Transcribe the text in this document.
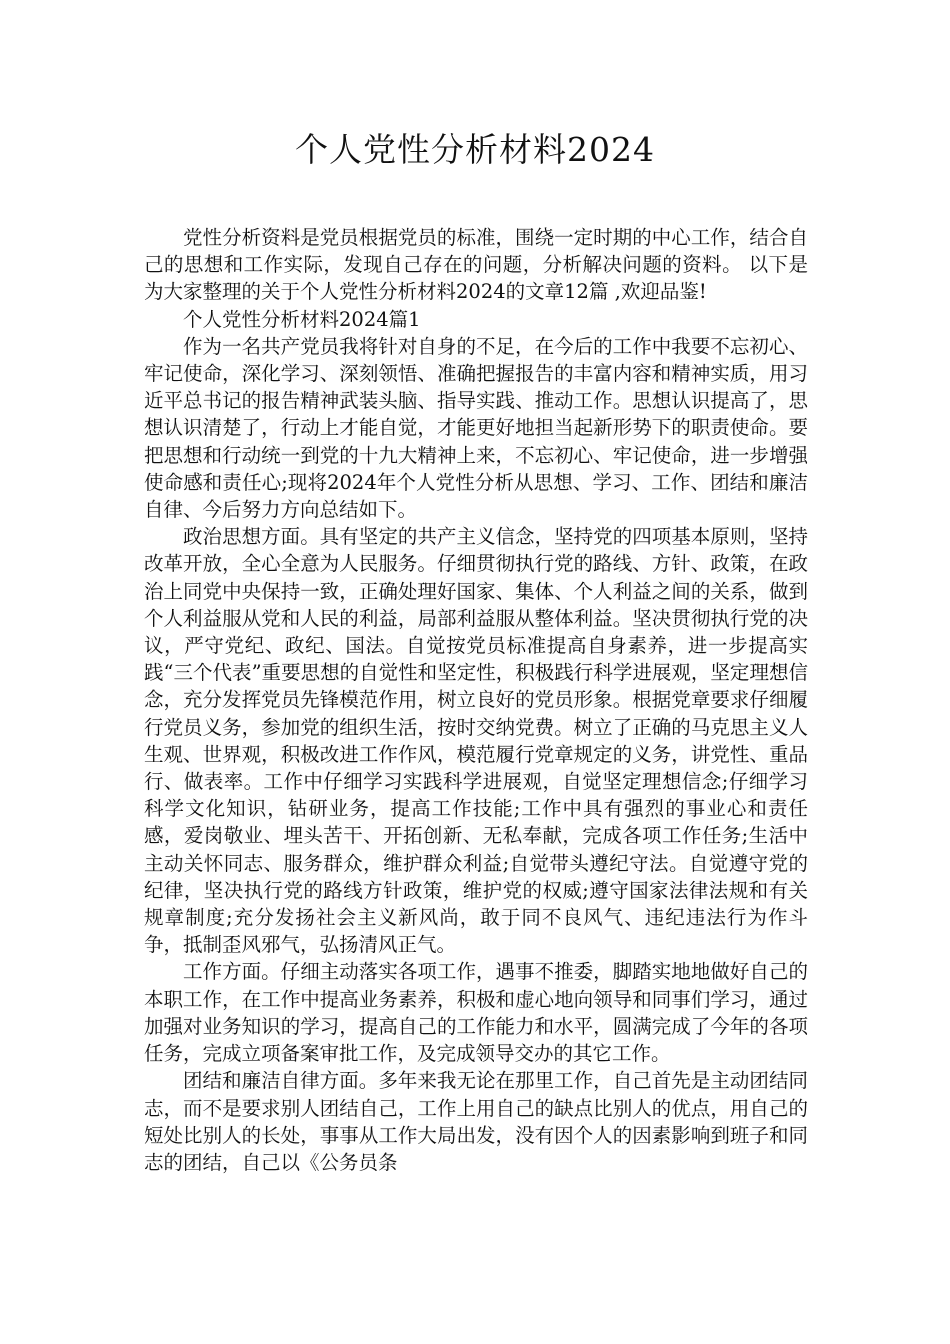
个人党性分析材料2024

党性分析资料是党员根据党员的标准，围绕一定时期的中心工作，结合自己的思想和工作实际，发现自己存在的问题，分析解决问题的资料。 以下是为大家整理的关于个人党性分析材料2024的文章12篇 ,欢迎品鉴!

个人党性分析材料2024篇1

作为一名共产党员我将针对自身的不足，在今后的工作中我要不忘初心、牢记使命，深化学习、深刻领悟、准确把握报告的丰富内容和精神实质，用习近平总书记的报告精神武装头脑、指导实践、推动工作。思想认识提高了，思想认识清楚了，行动上才能自觉，才能更好地担当起新形势下的职责使命。要把思想和行动统一到党的十九大精神上来，不忘初心、牢记使命，进一步增强使命感和责任心;现将2024年个人党性分析从思想、学习、工作、团结和廉洁自律、今后努力方向总结如下。

政治思想方面。具有坚定的共产主义信念，坚持党的四项基本原则，坚持改革开放，全心全意为人民服务。仔细贯彻执行党的路线、方针、政策，在政治上同党中央保持一致，正确处理好国家、集体、个人利益之间的关系，做到个人利益服从党和人民的利益，局部利益服从整体利益。坚决贯彻执行党的决议，严守党纪、政纪、国法。自觉按党员标准提高自身素养，进一步提高实践“三个代表”重要思想的自觉性和坚定性，积极践行科学进展观，坚定理想信念，充分发挥党员先锋模范作用，树立良好的党员形象。根据党章要求仔细履行党员义务，参加党的组织生活，按时交纳党费。树立了正确的马克思主义人生观、世界观，积极改进工作作风，模范履行党章规定的义务，讲党性、重品行、做表率。工作中仔细学习实践科学进展观，自觉坚定理想信念;仔细学习科学文化知识，钻研业务，提高工作技能;工作中具有强烈的事业心和责任感，爱岗敬业、埋头苦干、开拓创新、无私奉献，完成各项工作任务;生活中主动关怀同志、服务群众，维护群众利益;自觉带头遵纪守法。自觉遵守党的纪律，坚决执行党的路线方针政策，维护党的权威;遵守国家法律法规和有关规章制度;充分发扬社会主义新风尚，敢于同不良风气、违纪违法行为作斗争，抵制歪风邪气，弘扬清风正气。

工作方面。仔细主动落实各项工作，遇事不推委，脚踏实地地做好自己的本职工作，在工作中提高业务素养，积极和虚心地向领导和同事们学习，通过加强对业务知识的学习，提高自己的工作能力和水平，圆满完成了今年的各项任务，完成立项备案审批工作，及完成领导交办的其它工作。

团结和廉洁自律方面。多年来我无论在那里工作，自己首先是主动团结同志，而不是要求别人团结自己，工作上用自己的缺点比别人的优点，用自己的短处比别人的长处，事事从工作大局出发，没有因个人的因素影响到班子和同志的团结，自己以《公务员条
